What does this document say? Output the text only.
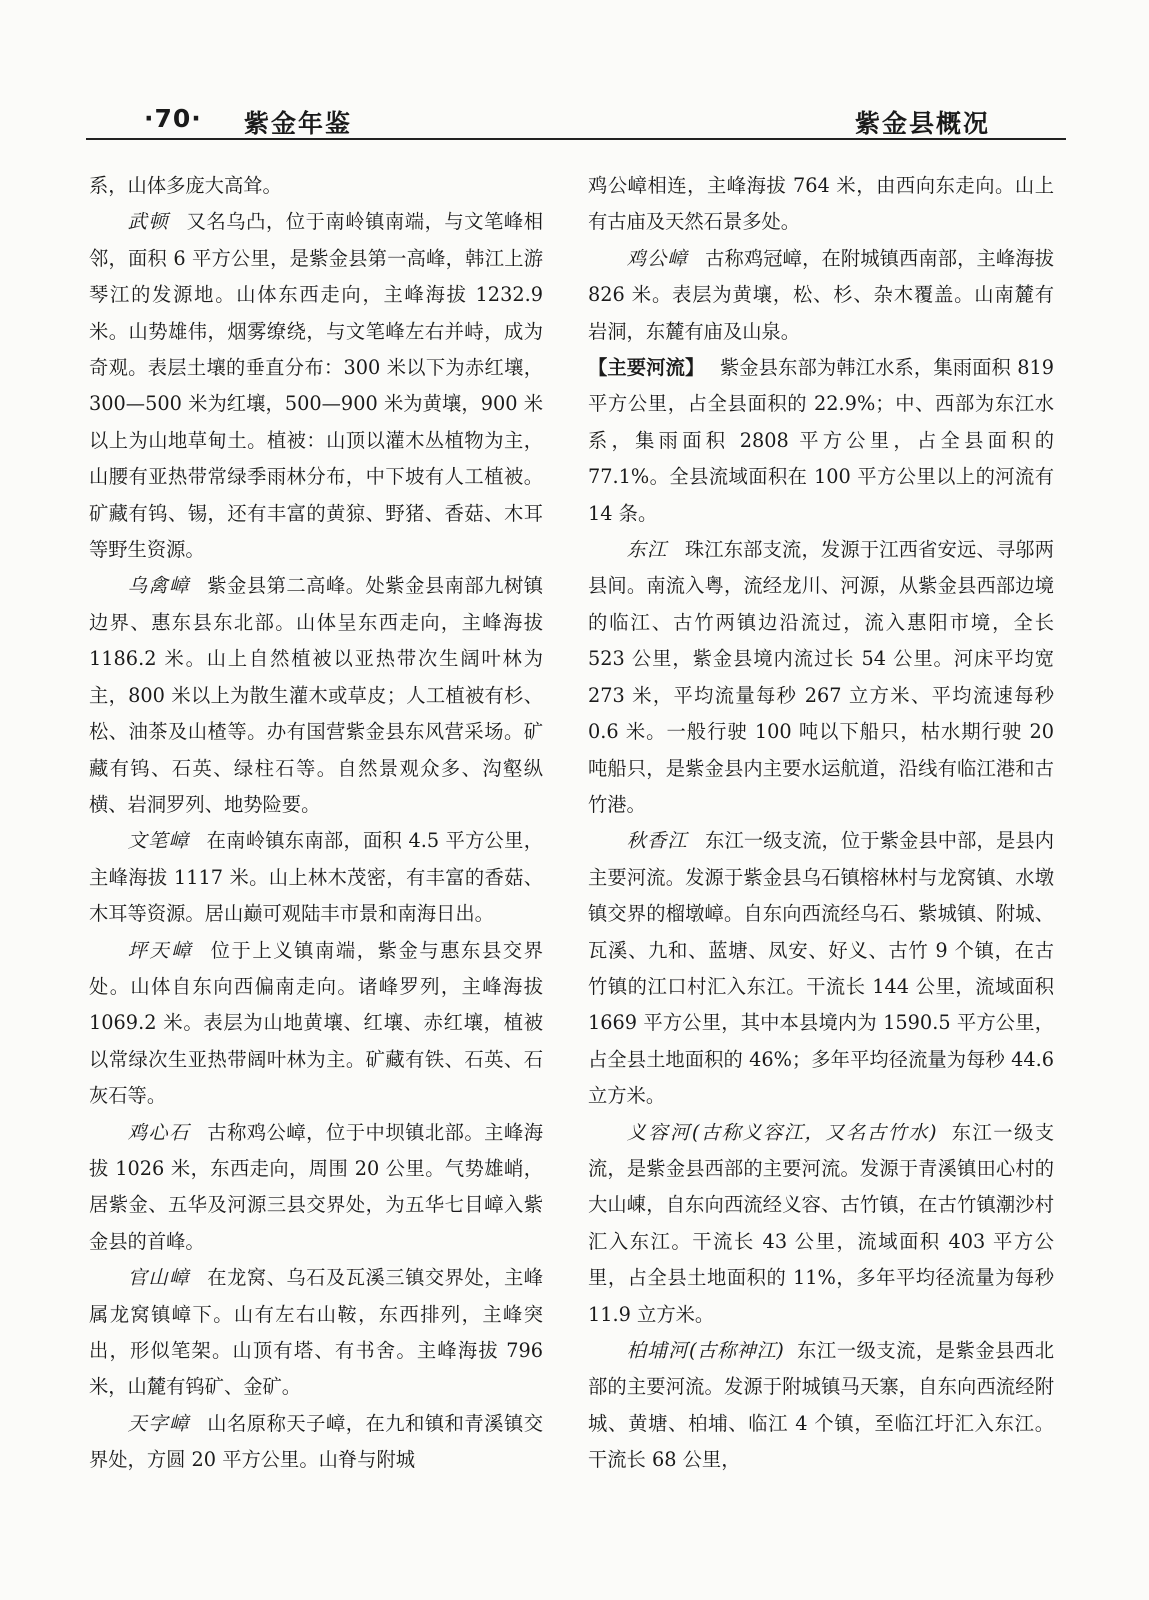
·70· 紫金年鉴	紫金县概况

系，山体多庞大高耸。

武顿 又名乌凸，位于南岭镇南端，与文笔峰相邻，面积 6 平方公里，是紫金县第一高峰，韩江上游琴江的发源地。山体东西走向，主峰海拔 1232.9 米。山势雄伟，烟雾缭绕，与文笔峰左右并峙，成为奇观。表层土壤的垂直分布：300 米以下为赤红壤，300—500 米为红壤，500—900 米为黄壤，900 米以上为山地草甸土。植被：山顶以灌木丛植物为主，山腰有亚热带常绿季雨林分布，中下坡有人工植被。矿藏有钨、锡，还有丰富的黄猄、野猪、香菇、木耳等野生资源。

乌禽嶂 紫金县第二高峰。处紫金县南部九树镇边界、惠东县东北部。山体呈东西走向，主峰海拔 1186.2 米。山上自然植被以亚热带次生阔叶林为主，800 米以上为散生灌木或草皮；人工植被有杉、松、油茶及山楂等。办有国营紫金县东风营采场。矿藏有钨、石英、绿柱石等。自然景观众多、沟壑纵横、岩洞罗列、地势险要。

文笔嶂 在南岭镇东南部，面积 4.5 平方公里，主峰海拔 1117 米。山上林木茂密，有丰富的香菇、木耳等资源。居山巅可观陆丰市景和南海日出。

坪天嶂 位于上义镇南端，紫金与惠东县交界处。山体自东向西偏南走向。诸峰罗列，主峰海拔 1069.2 米。表层为山地黄壤、红壤、赤红壤，植被以常绿次生亚热带阔叶林为主。矿藏有铁、石英、石灰石等。

鸡心石 古称鸡公嶂，位于中坝镇北部。主峰海拔 1026 米，东西走向，周围 20 公里。气势雄峭，居紫金、五华及河源三县交界处，为五华七目嶂入紫金县的首峰。

官山嶂 在龙窝、乌石及瓦溪三镇交界处，主峰属龙窝镇嶂下。山有左右山鞍，东西排列，主峰突出，形似笔架。山顶有塔、有书舍。主峰海拔 796 米，山麓有钨矿、金矿。

天字嶂 山名原称天子嶂，在九和镇和青溪镇交界处，方圆 20 平方公里。山脊与附城

鸡公嶂相连，主峰海拔 764 米，由西向东走向。山上有古庙及天然石景多处。

鸡公嶂 古称鸡冠嶂，在附城镇西南部，主峰海拔 826 米。表层为黄壤，松、杉、杂木覆盖。山南麓有岩洞，东麓有庙及山泉。

【主要河流】 紫金县东部为韩江水系，集雨面积 819 平方公里，占全县面积的 22.9%；中、西部为东江水系，集雨面积 2808 平方公里，占全县面积的 77.1%。全县流域面积在 100 平方公里以上的河流有 14 条。

东江 珠江东部支流，发源于江西省安远、寻邬两县间。南流入粤，流经龙川、河源，从紫金县西部边境的临江、古竹两镇边沿流过，流入惠阳市境，全长 523 公里，紫金县境内流过长 54 公里。河床平均宽 273 米，平均流量每秒 267 立方米、平均流速每秒 0.6 米。一般行驶 100 吨以下船只，枯水期行驶 20 吨船只，是紫金县内主要水运航道，沿线有临江港和古竹港。

秋香江 东江一级支流，位于紫金县中部，是县内主要河流。发源于紫金县乌石镇榕林村与龙窝镇、水墩镇交界的榴墩嶂。自东向西流经乌石、紫城镇、附城、瓦溪、九和、蓝塘、凤安、好义、古竹 9 个镇，在古竹镇的江口村汇入东江。干流长 144 公里，流域面积 1669 平方公里，其中本县境内为 1590.5 平方公里，占全县土地面积的 46%；多年平均径流量为每秒 44.6 立方米。

义容河(古称义容江，又名古竹水) 东江一级支流，是紫金县西部的主要河流。发源于青溪镇田心村的大山崠，自东向西流经义容、古竹镇，在古竹镇潮沙村汇入东江。干流长 43 公里，流域面积 403 平方公里，占全县土地面积的 11%，多年平均径流量为每秒 11.9 立方米。

柏埔河(古称神江) 东江一级支流，是紫金县西北部的主要河流。发源于附城镇马天寨，自东向西流经附城、黄塘、柏埔、临江 4 个镇，至临江圩汇入东江。干流长 68 公里，
